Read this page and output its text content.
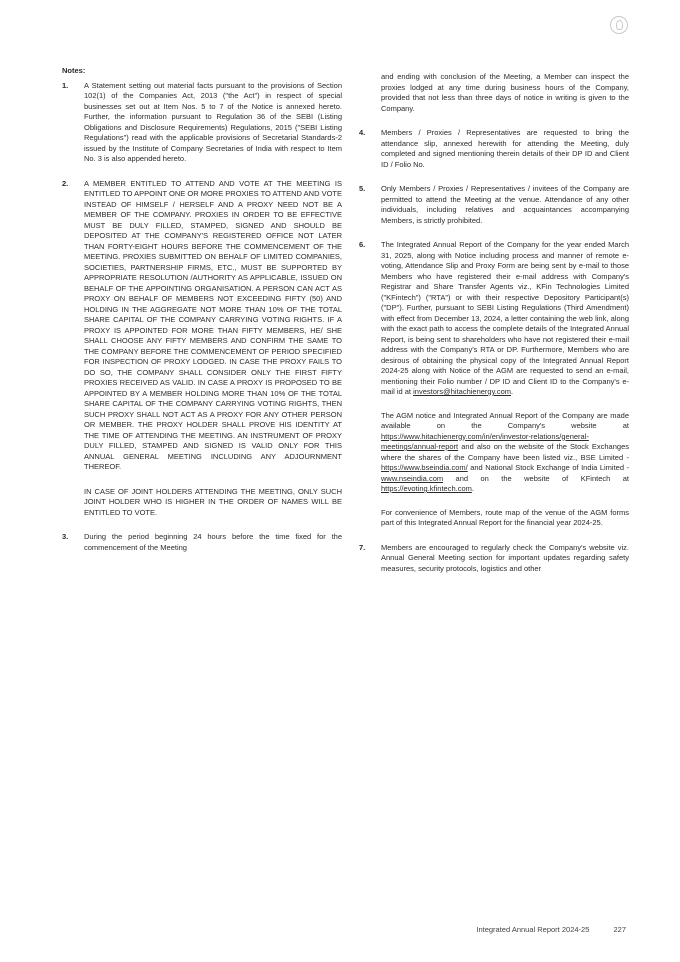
Notes:

1. A Statement setting out material facts pursuant to the provisions of Section 102(1) of the Companies Act, 2013 ("the Act") in respect of special businesses set out at Item Nos. 5 to 7 of the Notice is annexed hereto. Further, the information pursuant to Regulation 36 of the SEBI (Listing Obligations and Disclosure Requirements) Regulations, 2015 ("SEBI Listing Regulations") read with the applicable provisions of Secretarial Standards-2 issued by the Institute of Company Secretaries of India with respect to Item No. 3 is also appended hereto.
2. A MEMBER ENTITLED TO ATTEND AND VOTE AT THE MEETING IS ENTITLED TO APPOINT ONE OR MORE PROXIES TO ATTEND AND VOTE INSTEAD OF HIMSELF / HERSELF AND A PROXY NEED NOT BE A MEMBER OF THE COMPANY. PROXIES IN ORDER TO BE EFFECTIVE MUST BE DULY FILLED, STAMPED, SIGNED AND SHOULD BE DEPOSITED AT THE COMPANY'S REGISTERED OFFICE NOT LATER THAN FORTY-EIGHT HOURS BEFORE THE COMMENCEMENT OF THE MEETING. PROXIES SUBMITTED ON BEHALF OF LIMITED COMPANIES, SOCIETIES, PARTNERSHIP FIRMS, ETC., MUST BE SUPPORTED BY APPROPRIATE RESOLUTION /AUTHORITY AS APPLICABLE, ISSUED ON BEHALF OF THE APPOINTING ORGANISATION. A PERSON CAN ACT AS PROXY ON BEHALF OF MEMBERS NOT EXCEEDING FIFTY (50) AND HOLDING IN THE AGGREGATE NOT MORE THAN 10% OF THE TOTAL SHARE CAPITAL OF THE COMPANY CARRYING VOTING RIGHTS. IF A PROXY IS APPOINTED FOR MORE THAN FIFTY MEMBERS, HE/ SHE SHALL CHOOSE ANY FIFTY MEMBERS AND CONFIRM THE SAME TO THE COMPANY BEFORE THE COMMENCEMENT OF PERIOD SPECIFIED FOR INSPECTION OF PROXY LODGED. IN CASE THE PROXY FAILS TO DO SO, THE COMPANY SHALL CONSIDER ONLY THE FIRST FIFTY PROXIES RECEIVED AS VALID. IN CASE A PROXY IS PROPOSED TO BE APPOINTED BY A MEMBER HOLDING MORE THAN 10% OF THE TOTAL SHARE CAPITAL OF THE COMPANY CARRYING VOTING RIGHTS, THEN SUCH PROXY SHALL NOT ACT AS A PROXY FOR ANY OTHER PERSON OR MEMBER. THE PROXY HOLDER SHALL PROVE HIS IDENTITY AT THE TIME OF ATTENDING THE MEETING. AN INSTRUMENT OF PROXY DULY FILLED, STAMPED AND SIGNED IS VALID ONLY FOR THIS ANNUAL GENERAL MEETING INCLUDING ANY ADJOURNMENT THEREOF.

IN CASE OF JOINT HOLDERS ATTENDING THE MEETING, ONLY SUCH JOINT HOLDER WHO IS HIGHER IN THE ORDER OF NAMES WILL BE ENTITLED TO VOTE.

3. During the period beginning 24 hours before the time fixed for the commencement of the Meeting

and ending with conclusion of the Meeting, a Member can inspect the proxies lodged at any time during business hours of the Company, provided that not less than three days of notice in writing is given to the Company.

4. Members / Proxies / Representatives are requested to bring the attendance slip, annexed herewith for attending the Meeting, duly completed and signed mentioning therein details of their DP ID and Client ID / Folio No.
5. Only Members / Proxies / Representatives / invitees of the Company are permitted to attend the Meeting at the venue. Attendance of any other individuals, including relatives and acquaintances accompanying Members, is strictly prohibited.
6. The Integrated Annual Report of the Company for the year ended March 31, 2025, along with Notice including process and manner of remote e-voting, Attendance Slip and Proxy Form are being sent by e-mail to those Members who have registered their e-mail address with Company's Registrar and Share Transfer Agents viz., KFin Technologies Limited ("KFintech") ("RTA") or with their respective Depository Participant(s) ("DP"). Further, pursuant to SEBI Listing Regulations (Third Amendment) with effect from December 13, 2024, a letter containing the web link, along with the exact path to access the complete details of the Integrated Annual Report, is being sent to shareholders who have not registered their e-mail address with the Company's RTA or DP. Furthermore, Members who are desirous of obtaining the physical copy of the Integrated Annual Report 2024-25 along with Notice of the AGM are requested to send an e-mail, mentioning their Folio number / DP ID and Client ID to the Company's e-mail id at investors@hitachienergy.com.

The AGM notice and Integrated Annual Report of the Company are made available on the Company's website at https://www.hitachienergy.com/in/en/investor-relations/general-meetings/annual-report and also on the website of the Stock Exchanges where the shares of the Company have been listed viz., BSE Limited - https://www.bseindia.com/ and National Stock Exchange of India Limited - www.nseindia.com and on the website of KFintech at https://evoting.kfintech.com.

For convenience of Members, route map of the venue of the AGM forms part of this Integrated Annual Report for the financial year 2024-25.

7. Members are encouraged to regularly check the Company's website viz. Annual General Meeting section for important updates regarding safety measures, security protocols, logistics and other
Integrated Annual Report 2024-25	227
